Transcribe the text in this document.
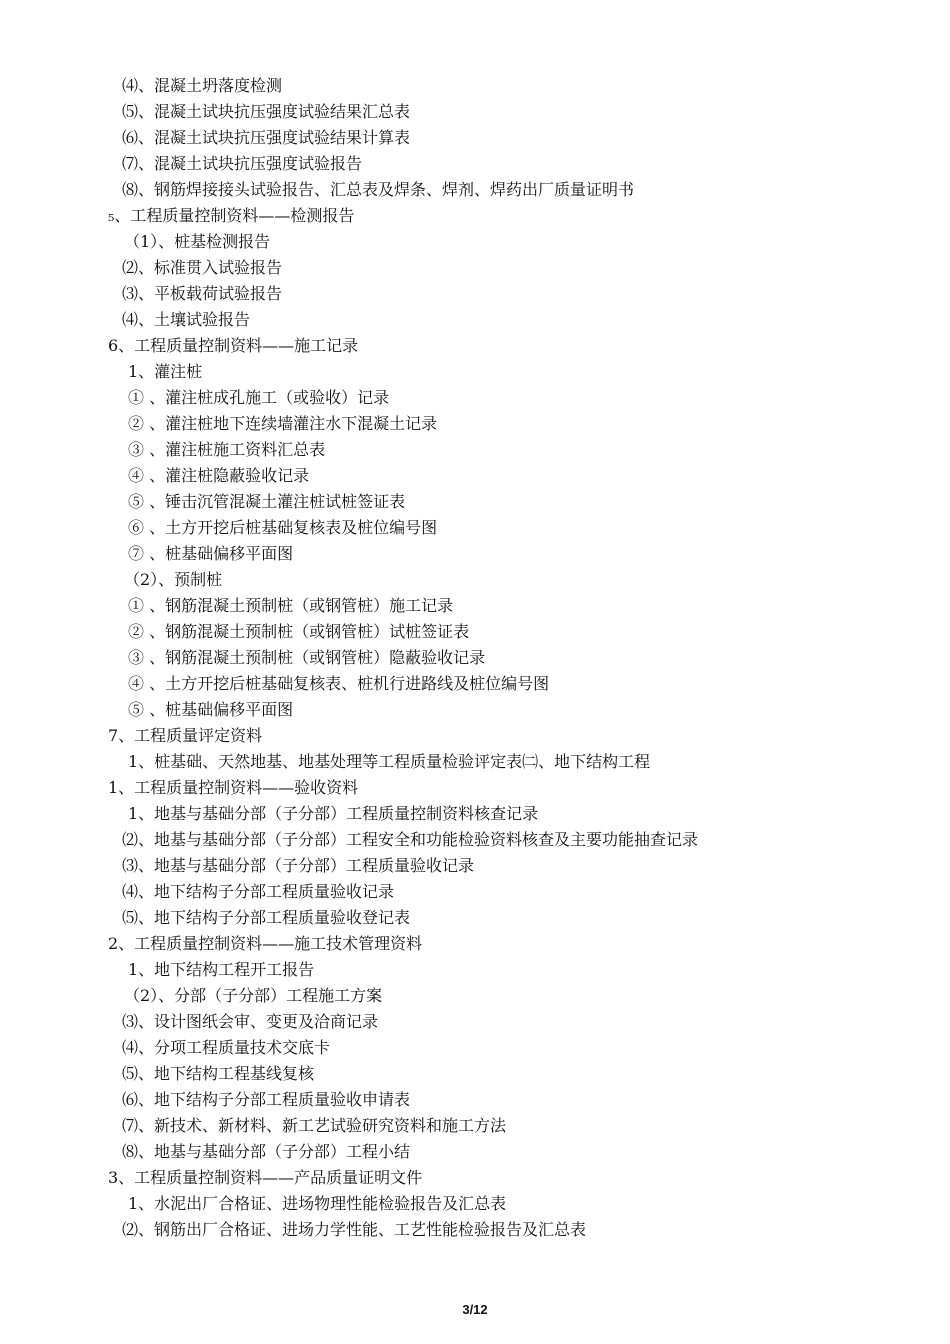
⑷、混凝土坍落度检测
⑸、混凝土试块抗压强度试验结果汇总表
⑹、混凝土试块抗压强度试验结果计算表
⑺、混凝土试块抗压强度试验报告
⑻、钢筋焊接接头试验报告、汇总表及焊条、焊剂、焊药出厂质量证明书
₅、工程质量控制资料——检测报告
（1）、桩基检测报告
⑵、标准贯入试验报告
⑶、平板载荷试验报告
⑷、土壤试验报告
6、工程质量控制资料——施工记录
1、灌注桩
① 、灌注桩成孔施工（或验收）记录
② 、灌注桩地下连续墙灌注水下混凝土记录
③ 、灌注桩施工资料汇总表
④ 、灌注桩隐蔽验收记录
⑤ 、锤击沉管混凝土灌注桩试桩签证表
⑥ 、土方开挖后桩基础复核表及桩位编号图
⑦ 、桩基础偏移平面图
（2）、预制桩
① 、钢筋混凝土预制桩（或钢管桩）施工记录
② 、钢筋混凝土预制桩（或钢管桩）试桩签证表
③ 、钢筋混凝土预制桩（或钢管桩）隐蔽验收记录
④ 、土方开挖后桩基础复核表、桩机行进路线及桩位编号图
⑤ 、桩基础偏移平面图
7、工程质量评定资料
1、桩基础、天然地基、地基处理等工程质量检验评定表㈡、地下结构工程
1、工程质量控制资料——验收资料
1、地基与基础分部（子分部）工程质量控制资料核查记录
⑵、地基与基础分部（子分部）工程安全和功能检验资料核查及主要功能抽查记录
⑶、地基与基础分部（子分部）工程质量验收记录
⑷、地下结构子分部工程质量验收记录
⑸、地下结构子分部工程质量验收登记表
2、工程质量控制资料——施工技术管理资料
1、地下结构工程开工报告
（2）、分部（子分部）工程施工方案
⑶、设计图纸会审、变更及洽商记录
⑷、分项工程质量技术交底卡
⑸、地下结构工程基线复核
⑹、地下结构子分部工程质量验收申请表
⑺、新技术、新材料、新工艺试验研究资料和施工方法
⑻、地基与基础分部（子分部）工程小结
3、工程质量控制资料——产品质量证明文件
1、水泥出厂合格证、进场物理性能检验报告及汇总表
⑵、钢筋出厂合格证、进场力学性能、工艺性能检验报告及汇总表
3/12
